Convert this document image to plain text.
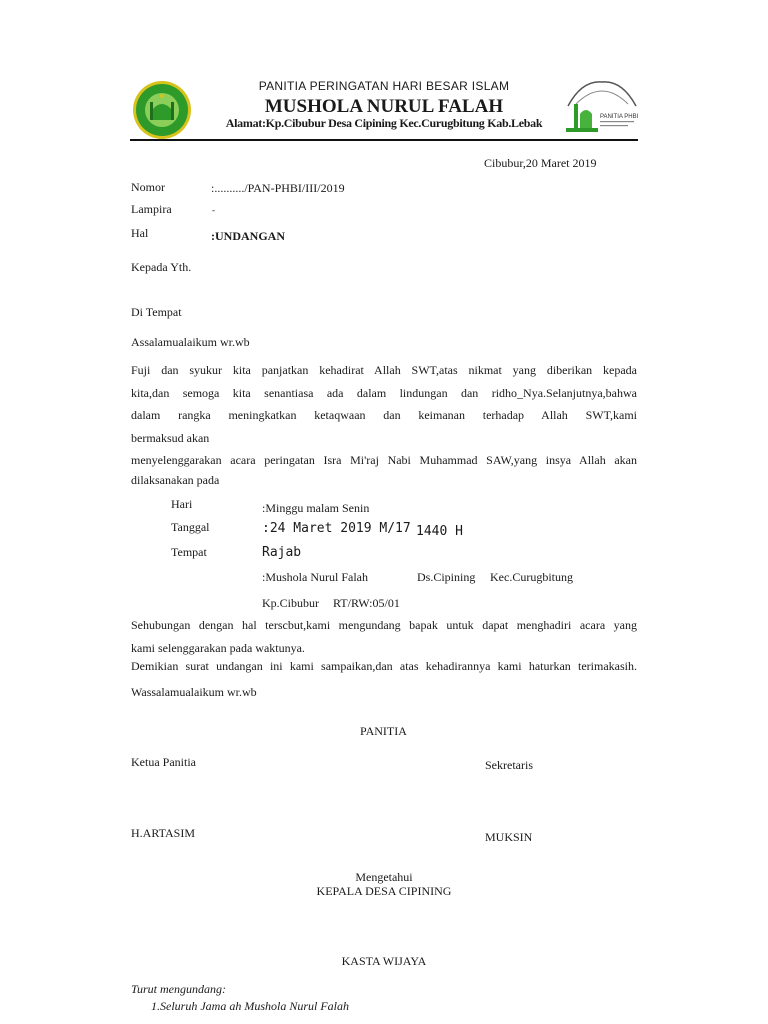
PANITIA PHBI
PANITIA PERINGATAN HARI BESAR ISLAM
MUSHOLA NURUL FALAH
Alamat:Kp.Cibubur Desa Cipining Kec.Curugbitung Kab.Lebak
Cibubur,20 Maret 2019
Nomor	:........../PAN-PHBI/III/2019
Lampira	-
Hal	:UNDANGAN
Kepada Yth.
Di Tempat
Assalamualaikum wr.wb
Fuji dan syukur kita panjatkan kehadirat Allah SWT,atas nikmat yang diberikan kepada
kita,dan semoga kita senantiasa ada dalam lindungan dan ridho_Nya.Selanjutnya,bahwa
dalam rangka meningkatkan ketaqwaan dan keimanan terhadap Allah SWT,kami
bermaksud akan
menyelenggarakan acara peringatan Isra Mi'raj Nabi Muhammad SAW,yang insya Allah akan
dilaksanakan pada
Hari	:Minggu malam Senin
Tanggal	:24 Maret 2019 M/17 1440 H
Tempat	Rajab
:Mushola Nurul Falah	Ds.Cipining Kec.Curugbitung
Kp.Cibubur RT/RW:05/01
Sehubungan dengan hal terscbut,kami mengundang bapak untuk dapat menghadiri acara yang
kami selenggarakan pada waktunya.
Demikian surat undangan ini kami sampaikan,dan atas kehadirannya kami haturkan terimakasih.
Wassalamualaikum wr.wb
PANITIA
Ketua Panitia	Sekretaris
H.ARTASIM	MUKSIN
Mengetahui
KEPALA DESA CIPINING
KASTA WIJAYA
Turut mengundang:
1.Seluruh Jama ah Mushola Nurul Falah
